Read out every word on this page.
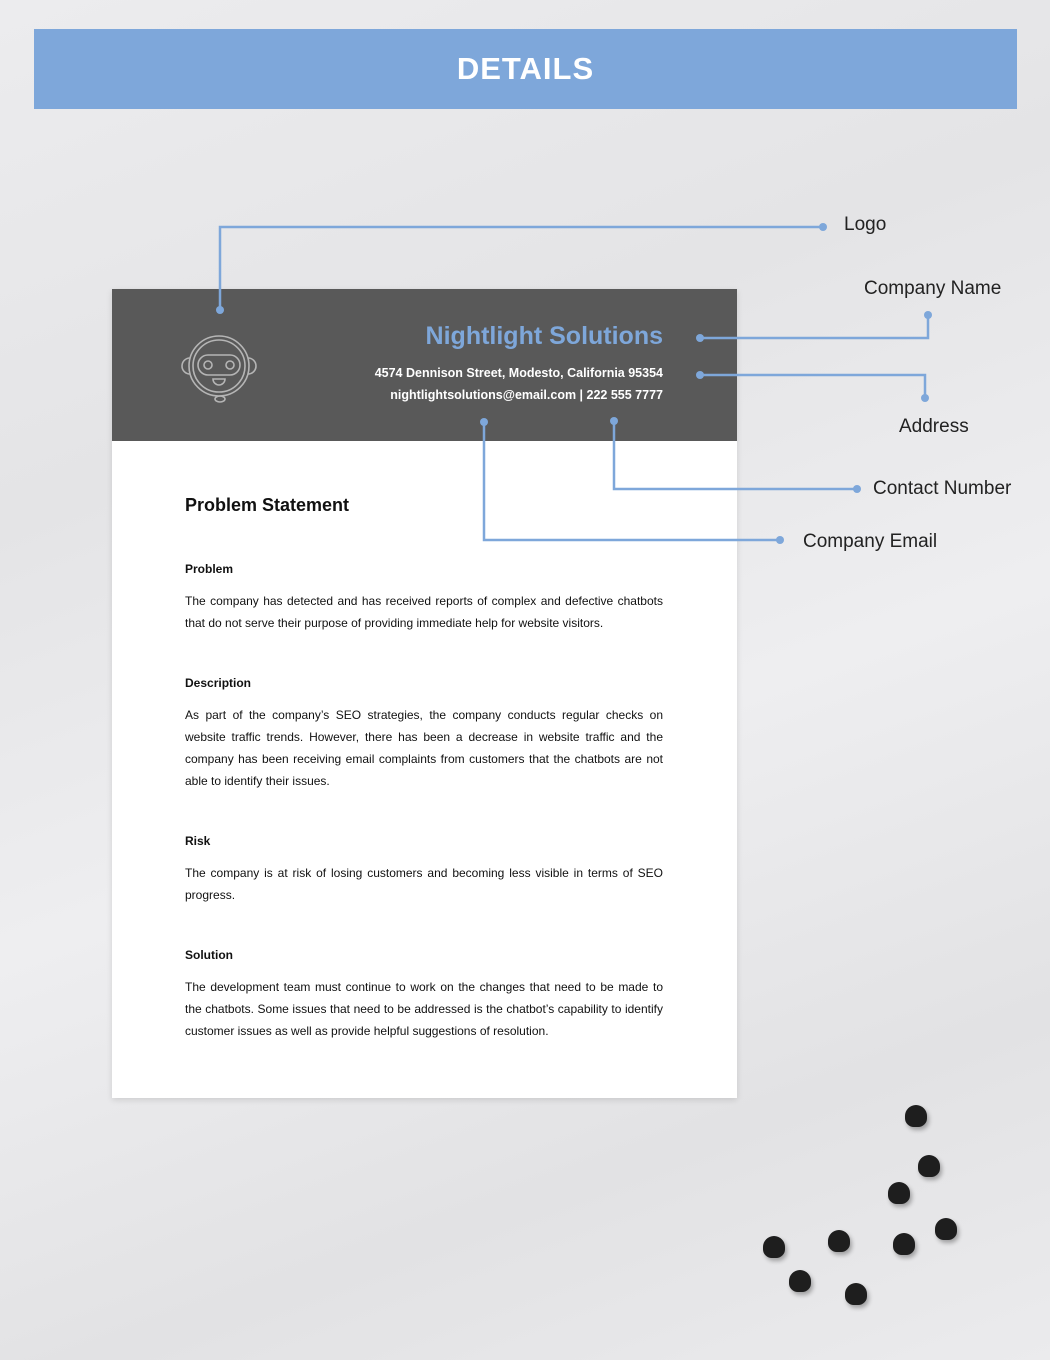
DETAILS
Nightlight Solutions
4574 Dennison Street, Modesto, California 95354
nightlightsolutions@email.com | 222 555 7777
Problem Statement
Problem

The company has detected and has received reports of complex and defective chatbots that do not serve their purpose of providing immediate help for website visitors.

Description

As part of the company’s SEO strategies, the company conducts regular checks on website traffic trends. However, there has been a decrease in website traffic and the company has been receiving email complaints from customers that the chatbots are not able to identify their issues.

Risk

The company is at risk of losing customers and becoming less visible in terms of SEO progress.

Solution

The development team must continue to work on the changes that need to be made to the chatbots. Some issues that need to be addressed is the chatbot’s capability to identify customer issues as well as provide helpful suggestions of resolution.

Logo
Company Name
Address
Contact Number
Company Email
